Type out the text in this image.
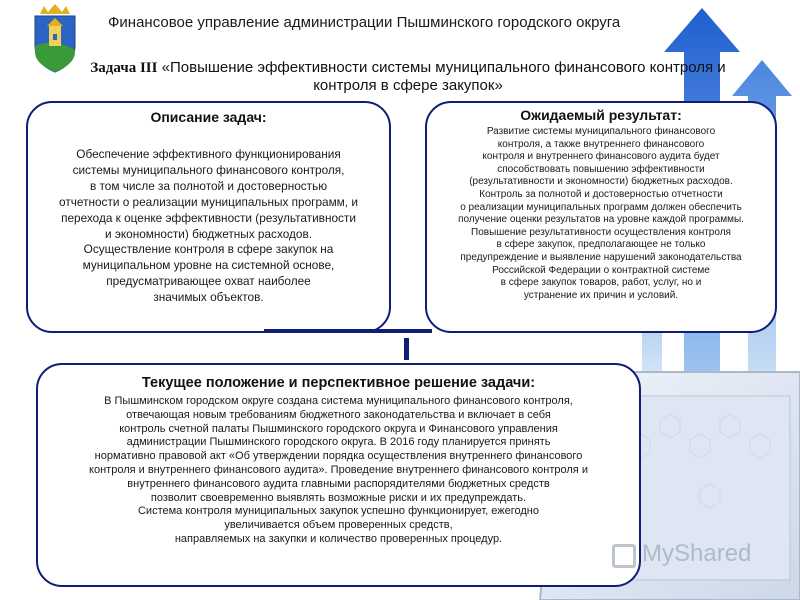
Финансовое управление администрации Пышминского городского округа
Задача III «Повышение эффективности системы муниципального финансового контроля и контроля в сфере закупок»
Описание задач:
Обеспечение эффективного функционирования
системы муниципального финансового контроля,
в том числе за полнотой и достоверностью
отчетности о реализации муниципальных программ, и
перехода к оценке эффективности (результативности
и экономности) бюджетных расходов.
Осуществление контроля в сфере закупок на
муниципальном уровне на системной основе,
предусматривающее охват наиболее
значимых объектов.
Ожидаемый результат:
Развитие системы муниципального финансового
контроля, а также внутреннего финансового
контроля и внутреннего финансового аудита будет
способствовать повышению эффективности
(результативности и экономности) бюджетных расходов.
Контроль за полнотой и достоверностью отчетности
о реализации муниципальных программ должен обеспечить
получение оценки результатов на уровне каждой программы.
Повышение результативности осуществления контроля
в сфере закупок, предполагающее не только
предупреждение и выявление нарушений законодательства
Российской Федерации о контрактной системе
в сфере закупок товаров, работ, услуг, но и
устранение их причин и условий.
Текущее положение и перспективное решение задачи:
В Пышминском городском округе создана система муниципального финансового контроля,
отвечающая новым требованиям бюджетного законодательства и включает в себя
контроль счетной палаты Пышминского городского округа и Финансового управления
администрации Пышминского городского округа. В 2016 году планируется принять
нормативно правовой акт «Об утверждении порядка осуществления внутреннего финансового
контроля и внутреннего финансового аудита». Проведение внутреннего финансового контроля и
внутреннего финансового аудита главными распорядителями бюджетных средств
позволит своевременно выявлять возможные риски и их предупреждать.
Система контроля муниципальных закупок успешно функционирует, ежегодно
увеличивается объем проверенных средств,
направляемых на закупки и количество проверенных процедур.
MyShared
